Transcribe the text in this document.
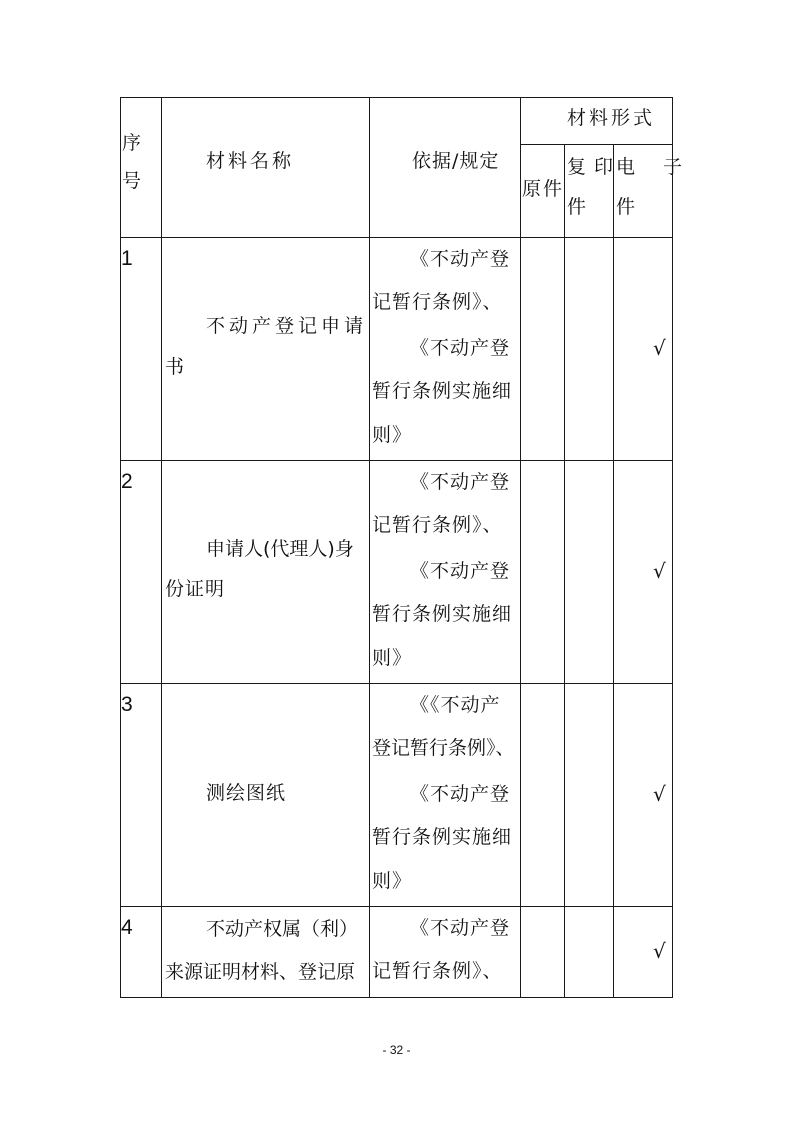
序
号
材料名称	依据/规定
材料形式
原件
复 印
件
电　 子
件
1
不动产登记申请
书
《不动产登
记暂行条例》、
《不动产登
暂行条例实施细
则》
√
2
申请人(代理人)身
份证明
《不动产登
记暂行条例》、
《不动产登
暂行条例实施细
则》
√
3
测绘图纸
《《不动产
登记暂行条例》、
《不动产登
暂行条例实施细
则》
√
4	不动产权属（利）
来源证明材料、登记原
《不动产登
记暂行条例》、
√
- 32 -
